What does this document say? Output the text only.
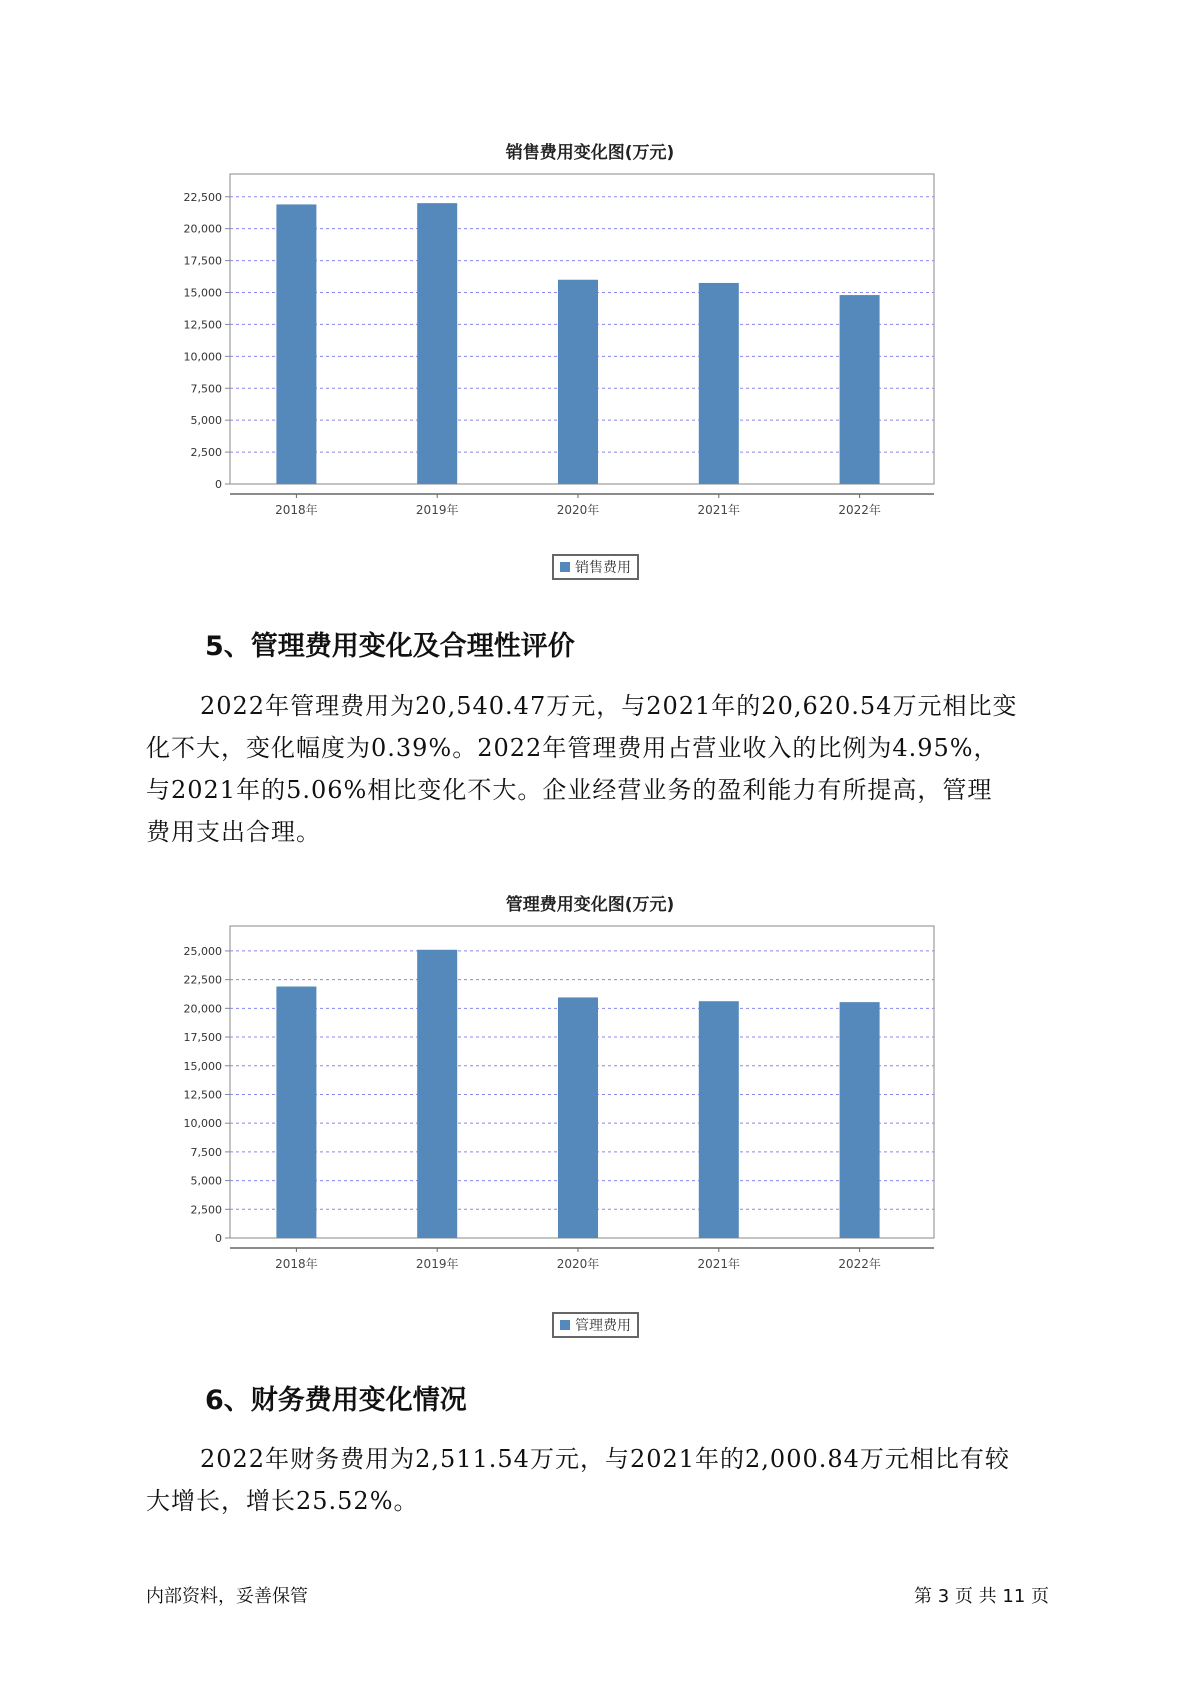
销售费用变化图(万元)
0
2,500
5,000
7,500
10,000
12,500
15,000
17,500
20,000
22,500
2018年	2019年	2020年	2021年	2022年
销售费用
5、管理费用变化及合理性评价
2022年管理费用为20,540.47万元，与2021年的20,620.54万元相比变
化不大，变化幅度为0.39%。2022年管理费用占营业收入的比例为4.95%，
与2021年的5.06%相比变化不大。企业经营业务的盈利能力有所提高，管理
费用支出合理。
管理费用变化图(万元)
0
2,500
5,000
7,500
10,000
12,500
15,000
17,500
20,000
22,500
25,000
2018年	2019年	2020年	2021年	2022年
管理费用
6、财务费用变化情况
2022年财务费用为2,511.54万元，与2021年的2,000.84万元相比有较
大增长，增长25.52%。
内部资料，妥善保管	第 3 页 共 11 页
